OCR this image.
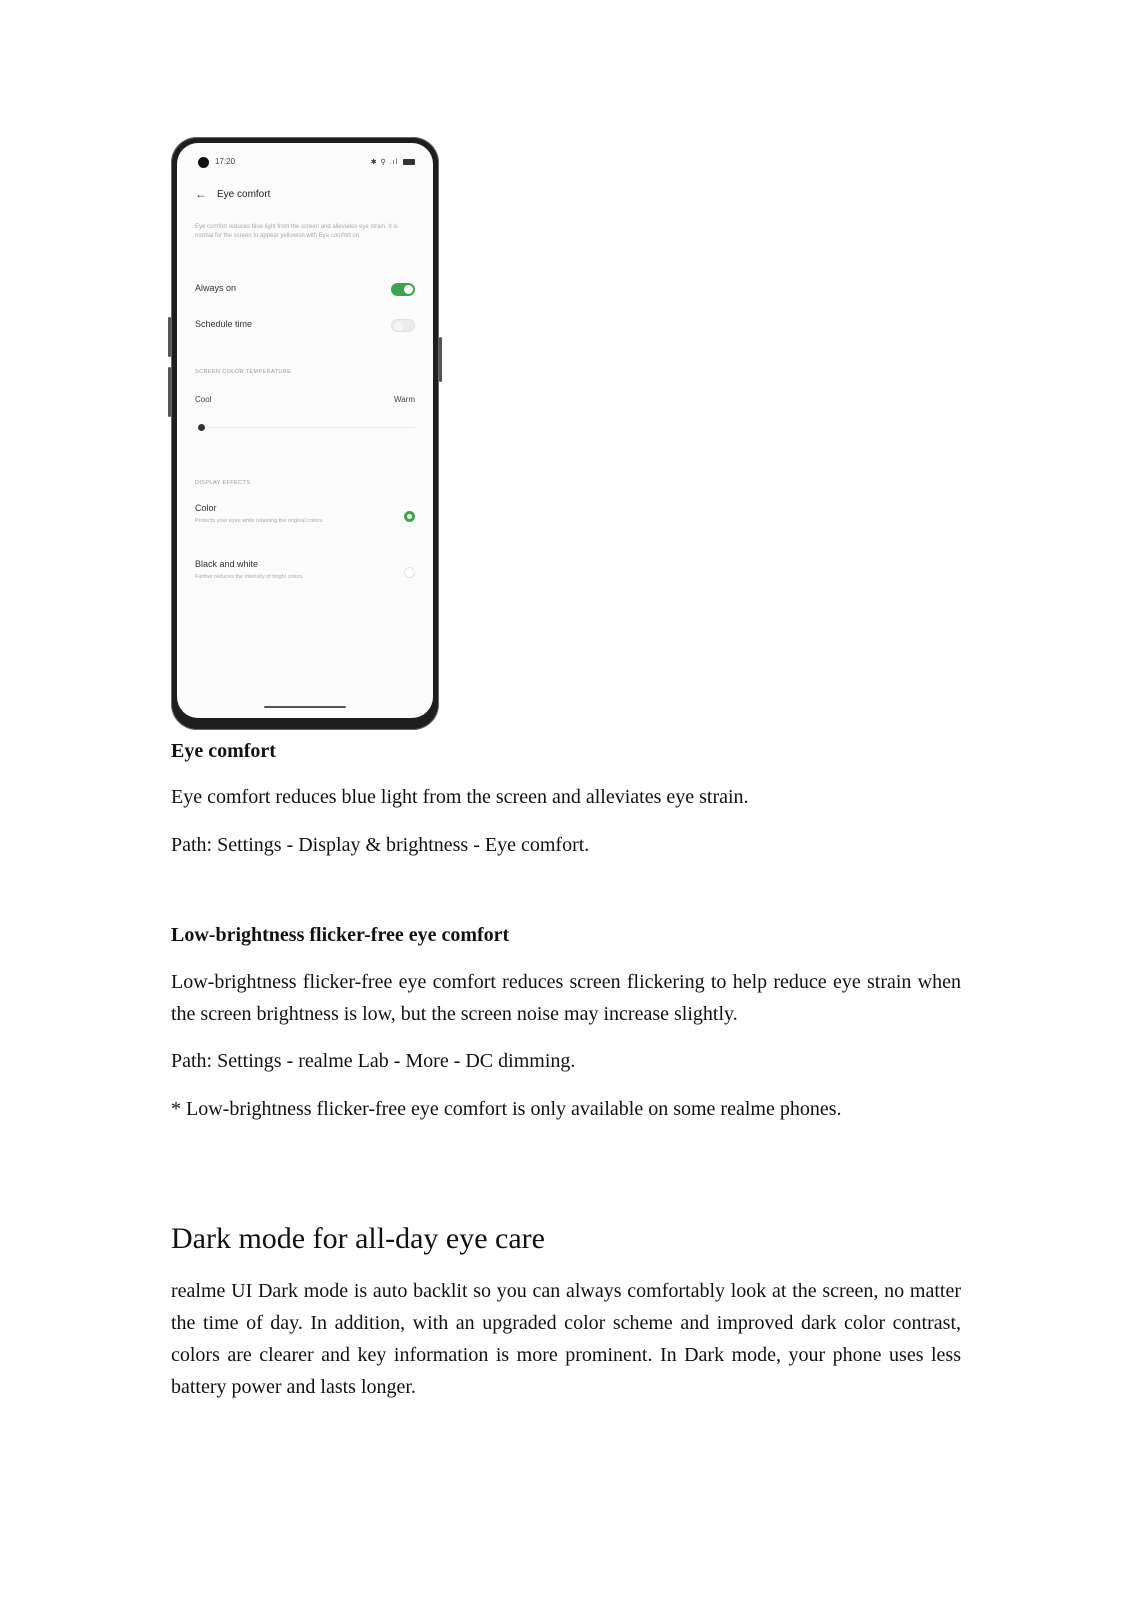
17:20	✱ ⚲ .ıl
← Eye comfort
Eye comfort reduces blue light from the screen and alleviates eye strain. It is normal for the screen to appear yellowish with Eye comfort on.
Always on
Schedule time
SCREEN COLOR TEMPERATURE
Cool	Warm
DISPLAY EFFECTS

Color

Protects your eyes while retaining the original colors.

Black and white

Further reduces the intensity of bright colors.

Eye comfort

Eye comfort reduces blue light from the screen and alleviates eye strain.

Path: Settings - Display & brightness - Eye comfort.

Low-brightness flicker-free eye comfort

Low-brightness flicker-free eye comfort reduces screen flickering to help reduce eye strain when the screen brightness is low, but the screen noise may increase slightly.

Path: Settings - realme Lab - More - DC dimming.

* Low-brightness flicker-free eye comfort is only available on some realme phones.

Dark mode for all-day eye care

realme UI Dark mode is auto backlit so you can always comfortably look at the screen, no matter the time of day. In addition, with an upgraded color scheme and improved dark color contrast, colors are clearer and key information is more prominent. In Dark mode, your phone uses less battery power and lasts longer.
